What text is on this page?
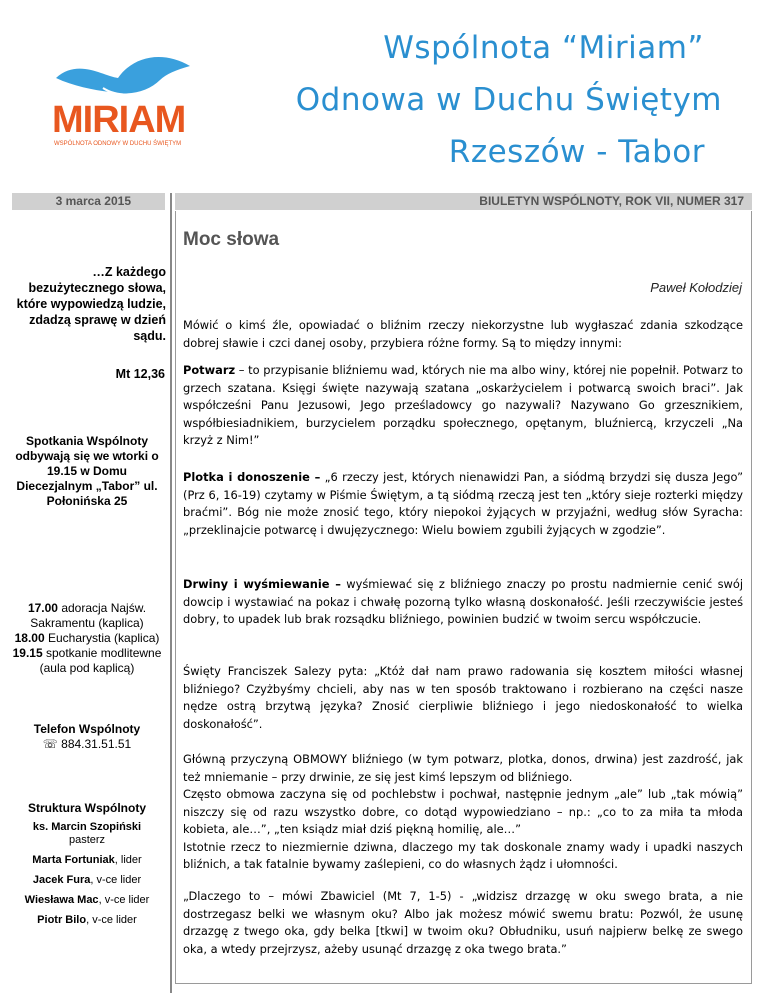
MIRIAM
WSPÓLNOTA ODNOWY W DUCHU ŚWIĘTYM
Wspólnota “Miriam”
Odnowa w Duchu Świętym
Rzeszów - Tabor
3 marca 2015	BIULETYN WSPÓLNOTY, ROK VII, NUMER 317
…Z każdego bezużytecznego słowa, które wypowiedzą ludzie, zdadzą sprawę w dzień sądu.
Mt 12,36
Spotkania Wspólnoty odbywają się we wtorki o 19.15 w Domu Diecezjalnym „Tabor” ul. Połonińska 25
17.00 adoracja Najśw. Sakramentu (kaplica)
18.00 Eucharystia (kaplica)
19.15 spotkanie modlitewne (aula pod kaplicą)
Telefon Wspólnoty
☏ 884.31.51.51
Struktura Wspólnoty
ks. Marcin Szopiński
pasterz
Marta Fortuniak, lider
Jacek Fura, v-ce lider
Wiesława Mac, v-ce lider
Piotr Bilo, v-ce lider
Moc słowa
Paweł Kołodziej
Mówić o kimś źle, opowiadać o bliźnim rzeczy niekorzystne lub wygłaszać zdania szkodzące dobrej sławie i czci danej osoby, przybiera różne formy. Są to między innymi:
Potwarz – to przypisanie bliźniemu wad, których nie ma albo winy, której nie popełnił. Potwarz to grzech szatana. Księgi święte nazywają szatana „oskarżycielem i potwarcą swoich braci”. Jak współcześni Panu Jezusowi, Jego prześladowcy go nazywali? Nazywano Go grzesznikiem, współbiesiadnikiem, burzycielem porządku społecznego, opętanym, bluźniercą, krzyczeli „Na krzyż z Nim!”
Plotka i donoszenie – „6 rzeczy jest, których nienawidzi Pan, a siódmą brzydzi się dusza Jego” (Prz 6, 16-19) czytamy w Piśmie Świętym, a tą siódmą rzeczą jest ten „który sieje rozterki między braćmi”. Bóg nie może znosić tego, który niepokoi żyjących w przyjaźni, według słów Syracha: „przeklinajcie potwarcę i dwujęzycznego: Wielu bowiem zgubili żyjących w zgodzie”.
Drwiny i wyśmiewanie – wyśmiewać się z bliźniego znaczy po prostu nadmiernie cenić swój dowcip i wystawiać na pokaz i chwałę pozorną tylko własną doskonałość. Jeśli rzeczywiście jesteś dobry, to upadek lub brak rozsądku bliźniego, powinien budzić w twoim sercu współczucie.
Święty Franciszek Salezy pyta: „Któż dał nam prawo radowania się kosztem miłości własnej bliźniego? Czyżbyśmy chcieli, aby nas w ten sposób traktowano i rozbierano na części nasze nędze ostrą brzytwą języka? Znosić cierpliwie bliźniego i jego niedoskonałość to wielka doskonałość”.
Główną przyczyną OBMOWY bliźniego (w tym potwarz, plotka, donos, drwina) jest zazdrość, jak też mniemanie – przy drwinie, ze się jest kimś lepszym od bliźniego.
Często obmowa zaczyna się od pochlebstw i pochwał, następnie jednym „ale” lub „tak mówią” niszczy się od razu wszystko dobre, co dotąd wypowiedziano – np.: „co to za miła ta młoda kobieta, ale…”, „ten ksiądz miał dziś piękną homilię, ale…”
Istotnie rzecz to niezmiernie dziwna, dlaczego my tak doskonale znamy wady i upadki naszych bliźnich, a tak fatalnie bywamy zaślepieni, co do własnych żądz i ułomności.
„Dlaczego to – mówi Zbawiciel (Mt 7, 1-5) - „widzisz drzazgę w oku swego brata, a nie dostrzegasz belki we własnym oku? Albo jak możesz mówić swemu bratu: Pozwól, że usunę drzazgę z twego oka, gdy belka [tkwi] w twoim oku? Obłudniku, usuń najpierw belkę ze swego oka, a wtedy przejrzysz, ażeby usunąć drzazgę z oka twego brata.”
